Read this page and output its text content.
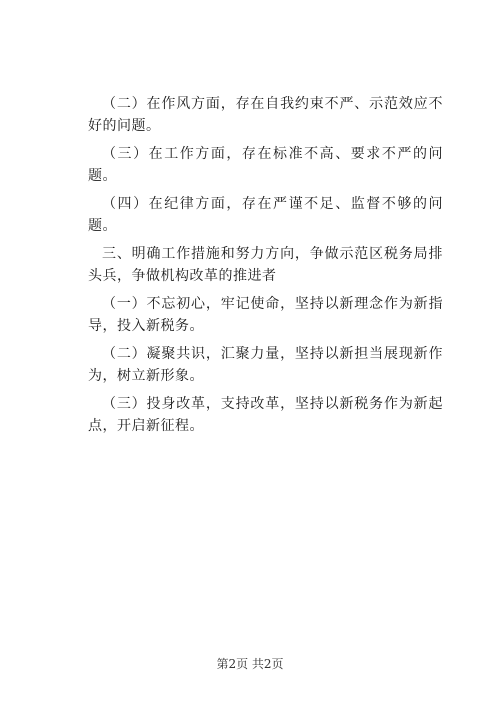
（二）在作风方面，存在自我约束不严、示范效应不好的问题。

（三）在工作方面，存在标准不高、要求不严的问题。

（四）在纪律方面，存在严谨不足、监督不够的问题。

三、明确工作措施和努力方向，争做示范区税务局排头兵，争做机构改革的推进者

（一）不忘初心，牢记使命，坚持以新理念作为新指导，投入新税务。

（二）凝聚共识，汇聚力量，坚持以新担当展现新作为，树立新形象。

（三）投身改革，支持改革，坚持以新税务作为新起点，开启新征程。

第2页 共2页
